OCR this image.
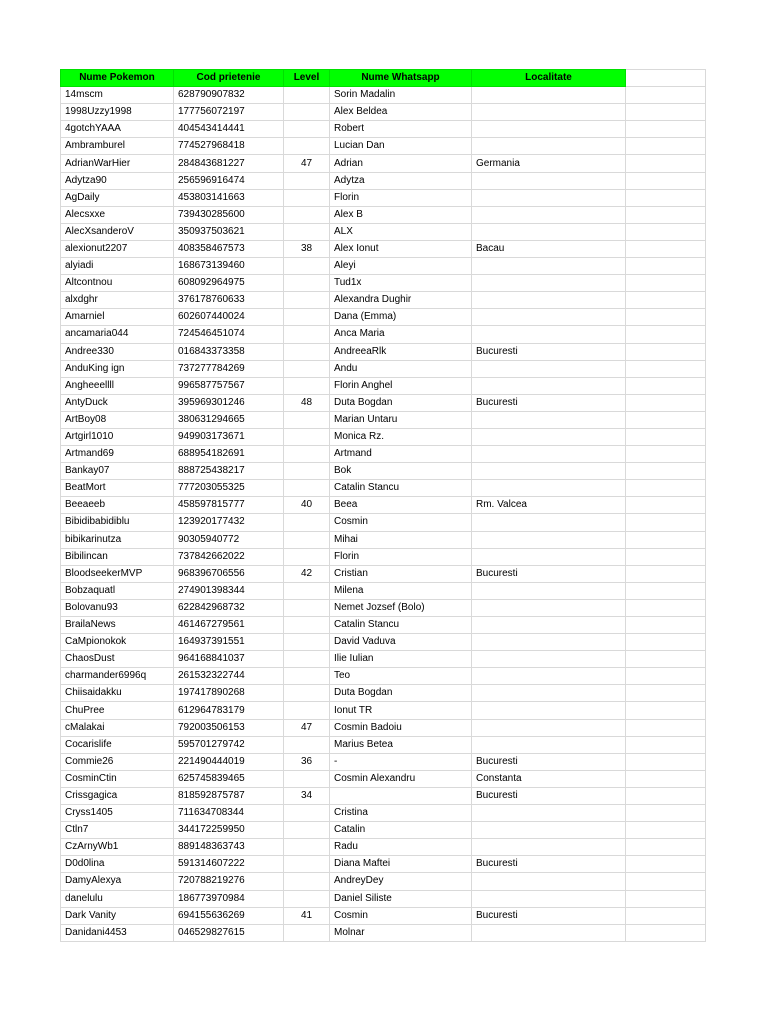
Nume Pokemon	Cod prietenie	Level	Nume Whatsapp	Localitate	
14mscm	628790907832		Sorin Madalin		
1998Uzzy1998	177756072197		Alex Beldea		
4gotchYAAA	404543414441		Robert		
Ambramburel	774527968418		Lucian Dan		
AdrianWarHier	284843681227	47	Adrian	Germania	
Adytza90	256596916474		Adytza		
AgDaily	453803141663		Florin		
Alecsxxe	739430285600		Alex B		
AlecXsanderoV	350937503621		ALX		
alexionut2207	408358467573	38	Alex Ionut	Bacau	
alyiadi	168673139460		Aleyi		
Altcontnou	608092964975		Tud1x		
alxdghr	376178760633		Alexandra Dughir		
Amarniel	602607440024		Dana (Emma)		
ancamaria044	724546451074		Anca Maria		
Andree330	016843373358		AndreeaRlk	Bucuresti	
AnduKing ign	737277784269		Andu		
Angheeellll	996587757567		Florin Anghel		
AntyDuck	395969301246	48	Duta Bogdan	Bucuresti	
ArtBoy08	380631294665		Marian Untaru		
Artgirl1010	949903173671		Monica Rz.		
Artmand69	688954182691		Artmand		
Bankay07	888725438217		Bok		
BeatMort	777203055325		Catalin Stancu		
Beeaeeb	458597815777	40	Beea	Rm. Valcea	
Bibidibabidiblu	123920177432		Cosmin		
bibikarinutza	90305940772		Mihai		
Bibilincan	737842662022		Florin		
BloodseekerMVP	968396706556	42	Cristian	Bucuresti	
Bobzaquatl	274901398344		Milena		
Bolovanu93	622842968732		Nemet Jozsef (Bolo)		
BrailaNews	461467279561		Catalin Stancu		
CaMpionokok	164937391551		David Vaduva		
ChaosDust	964168841037		Ilie Iulian		
charmander6996q	261532322744		Teo		
Chiisaidakku	197417890268		Duta Bogdan		
ChuPree	612964783179		Ionut TR		
cMalakai	792003506153	47	Cosmin Badoiu		
Cocarislife	595701279742		Marius Betea		
Commie26	221490444019	36	-	Bucuresti	
CosminCtin	625745839465		Cosmin Alexandru	Constanta	
Crissgagica	818592875787	34		Bucuresti	
Cryss1405	711634708344		Cristina		
Ctln7	344172259950		Catalin		
CzArnyWb1	889148363743		Radu		
D0d0lina	591314607222		Diana Maftei	Bucuresti	
DamyAlexya	720788219276		AndreyDey		
danelulu	186773970984		Daniel Siliste		
Dark Vanity	694155636269	41	Cosmin	Bucuresti	
Danidani4453	046529827615		Molnar		
